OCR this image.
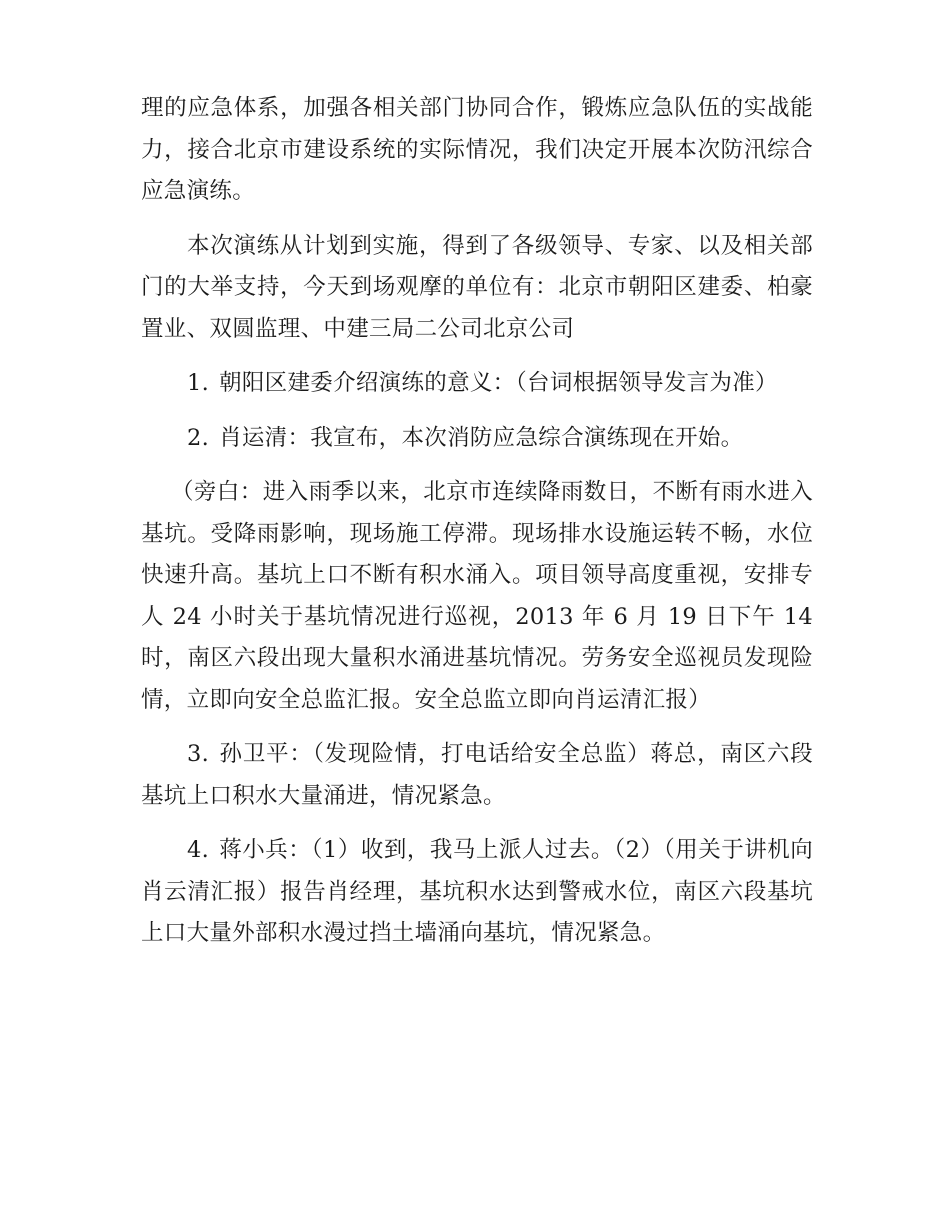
理的应急体系，加强各相关部门协同合作，锻炼应急队伍的实战能力，接合北京市建设系统的实际情况，我们决定开展本次防汛综合应急演练。

本次演练从计划到实施，得到了各级领导、专家、以及相关部门的大举支持，今天到场观摩的单位有：北京市朝阳区建委、柏豪置业、双圆监理、中建三局二公司北京公司

1. 朝阳区建委介绍演练的意义：（台词根据领导发言为准）

2. 肖运清：我宣布，本次消防应急综合演练现在开始。

（旁白：进入雨季以来，北京市连续降雨数日，不断有雨水进入基坑。受降雨影响，现场施工停滞。现场排水设施运转不畅，水位快速升高。基坑上口不断有积水涌入。项目领导高度重视，安排专人 24 小时关于基坑情况进行巡视，2013 年 6 月 19 日下午 14 时，南区六段出现大量积水涌进基坑情况。劳务安全巡视员发现险情，立即向安全总监汇报。安全总监立即向肖运清汇报）

3. 孙卫平：（发现险情，打电话给安全总监）蒋总，南区六段基坑上口积水大量涌进，情况紧急。

4. 蒋小兵：（1）收到，我马上派人过去。（2）（用关于讲机向肖云清汇报）报告肖经理，基坑积水达到警戒水位，南区六段基坑上口大量外部积水漫过挡土墙涌向基坑，情况紧急。
